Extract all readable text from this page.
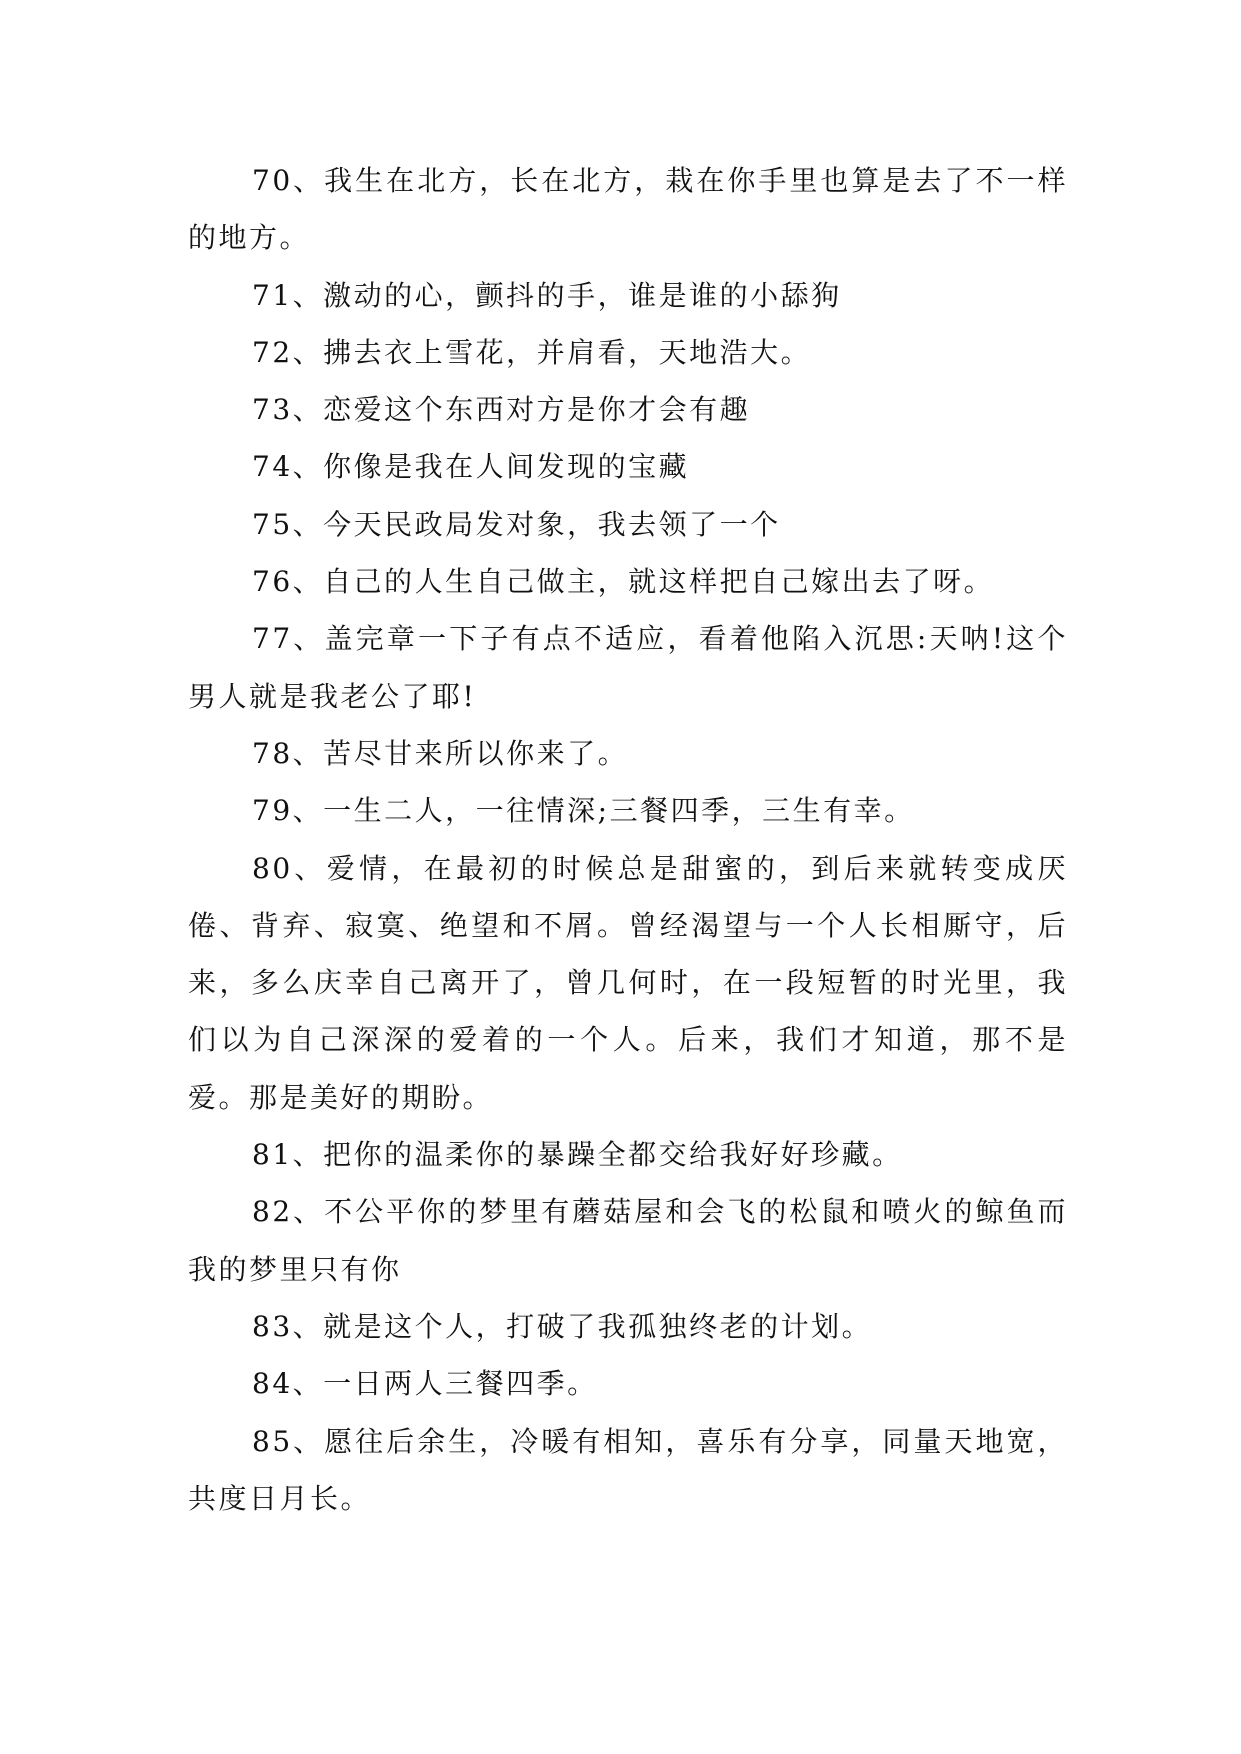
70、我生在北方，长在北方，栽在你手里也算是去了不一样的地方。

71、激动的心，颤抖的手，谁是谁的小舔狗

72、拂去衣上雪花，并肩看，天地浩大。

73、恋爱这个东西对方是你才会有趣

74、你像是我在人间发现的宝藏

75、今天民政局发对象，我去领了一个

76、自己的人生自己做主，就这样把自己嫁出去了呀。

77、盖完章一下子有点不适应，看着他陷入沉思:天呐!这个男人就是我老公了耶!

78、苦尽甘来所以你来了。

79、一生二人，一往情深;三餐四季，三生有幸。

80、爱情，在最初的时候总是甜蜜的，到后来就转变成厌倦、背弃、寂寞、绝望和不屑。曾经渴望与一个人长相厮守，后来，多么庆幸自己离开了，曾几何时，在一段短暂的时光里，我们以为自己深深的爱着的一个人。后来，我们才知道，那不是爱。那是美好的期盼。

81、把你的温柔你的暴躁全都交给我好好珍藏。

82、不公平你的梦里有蘑菇屋和会飞的松鼠和喷火的鲸鱼而我的梦里只有你

83、就是这个人，打破了我孤独终老的计划。

84、一日两人三餐四季。

85、愿往后余生，冷暖有相知，喜乐有分享，同量天地宽，共度日月长。
